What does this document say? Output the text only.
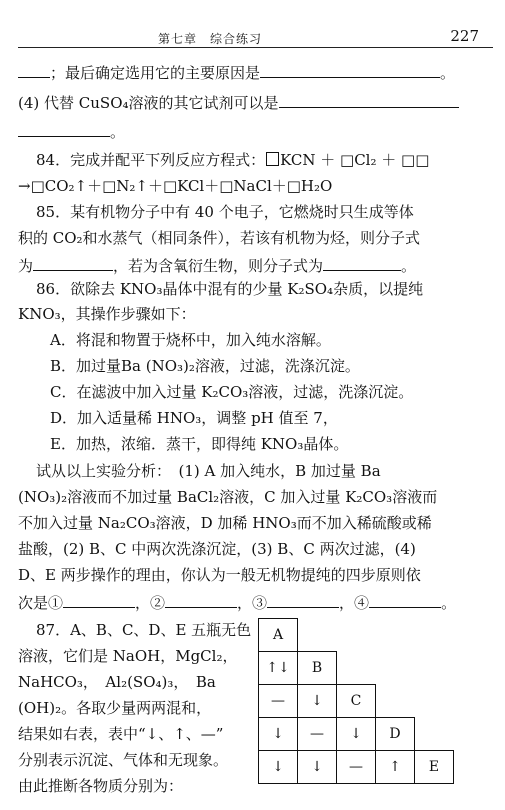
第七章　综合练习	227
；最后确定选用它的主要原因是	。
(4) 代替 CuSO₄溶液的其它试剂可以是
。
84．完成并配平下列反应方程式： KCN ＋ □Cl₂ ＋ □□
→□CO₂↑＋□N₂↑＋□KCl＋□NaCl＋□H₂O
85．某有机物分子中有 40 个电子，它燃烧时只生成等体
积的 CO₂和水蒸气（相同条件），若该有机物为烃，则分子式
为	，若为含氧衍生物，则分子式为	。
86．欲除去 KNO₃晶体中混有的少量 K₂SO₄杂质，以提纯
KNO₃，其操作步骤如下：
A．将混和物置于烧杯中，加入纯水溶解。
B．加过量Ba (NO₃)₂溶液，过滤，洗涤沉淀。
C．在滤波中加入过量 K₂CO₃溶液，过滤，洗涤沉淀。
D．加入适量稀 HNO₃，调整 pH 值至 7，
E．加热，浓缩．蒸干，即得纯 KNO₃晶体。
试从以上实验分析：　(1) A 加入纯水，B 加过量 Ba
(NO₃)₂溶液而不加过量 BaCl₂溶液，C 加入过量 K₂CO₃溶液而
不加入过量 Na₂CO₃溶液，D 加稀 HNO₃而不加入稀硫酸或稀
盐酸，(2) B、C 中两次洗涤沉淀，(3) B、C 两次过滤，(4)
D、E 两步操作的理由，你认为一般无机物提纯的四步原则依
次是①	，②	，③	，④	。
87．A、B、C、D、E 五瓶无色
溶液，它们是 NaOH，MgCl₂，
NaHCO₃，　Al₂(SO₄)₃，　Ba
(OH)₂。各取少量两两混和，
结果如右表，表中“↓、↑、—”
分别表示沉淀、气体和无现象。
由此推断各物质分别为：
A				
↑↓	B			
—	↓	C		
↓	—	↓	D	
↓	↓	—	↑	E
